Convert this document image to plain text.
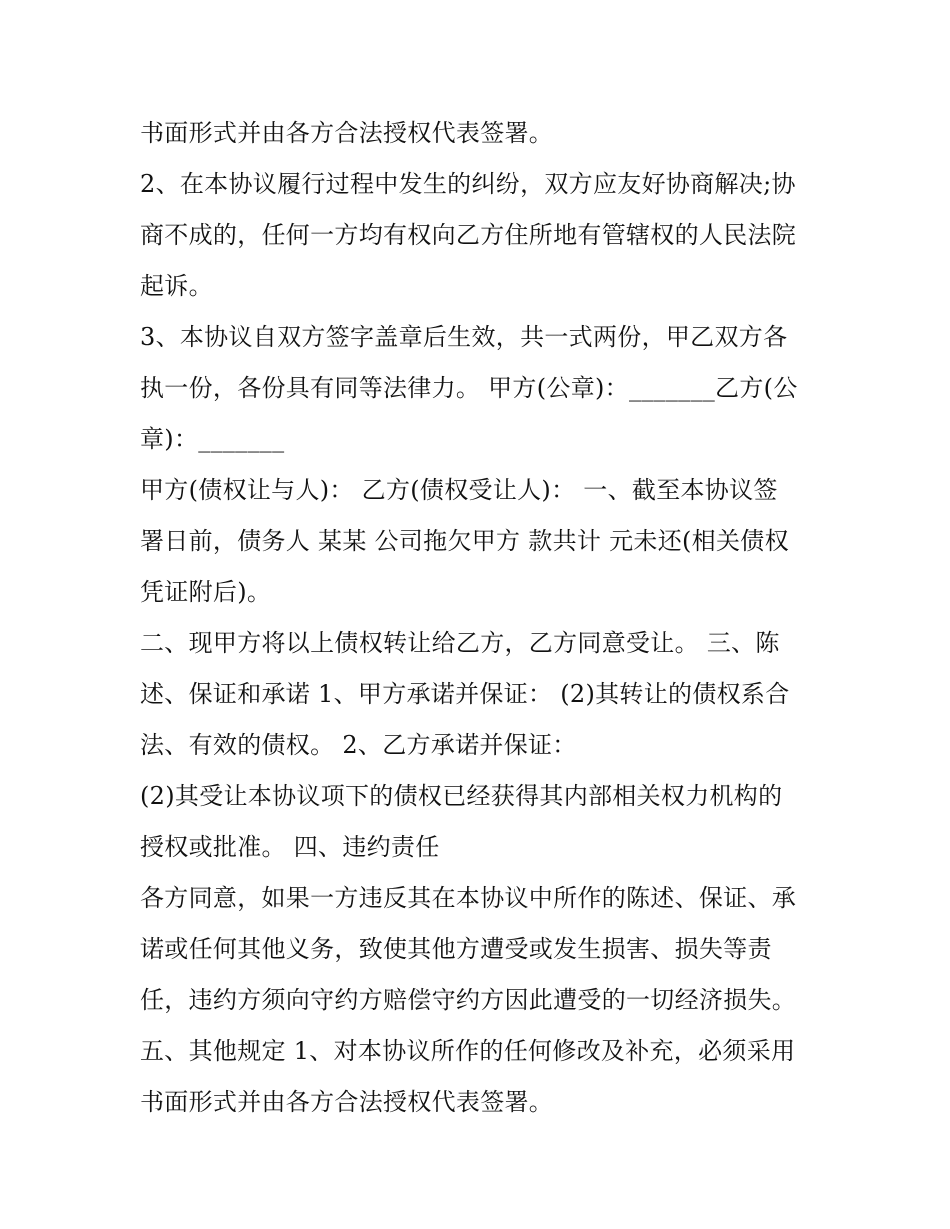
书面形式并由各方合法授权代表签署。
2、在本协议履行过程中发生的纠纷，双方应友好协商解决;协
商不成的，任何一方均有权向乙方住所地有管辖权的人民法院
起诉。
3、本协议自双方签字盖章后生效，共一式两份，甲乙双方各
执一份，各份具有同等法律力。 甲方(公章)：_______乙方(公
章)：_______
甲方(债权让与人)： 乙方(债权受让人)： 一、截至本协议签
署日前，债务人 某某 公司拖欠甲方 款共计 元未还(相关债权
凭证附后)。
二、现甲方将以上债权转让给乙方，乙方同意受让。 三、陈
述、保证和承诺 1、甲方承诺并保证： (2)其转让的债权系合
法、有效的债权。 2、乙方承诺并保证：
(2)其受让本协议项下的债权已经获得其内部相关权力机构的
授权或批准。 四、违约责任
各方同意，如果一方违反其在本协议中所作的陈述、保证、承
诺或任何其他义务，致使其他方遭受或发生损害、损失等责
任，违约方须向守约方赔偿守约方因此遭受的一切经济损失。
五、其他规定 1、对本协议所作的任何修改及补充，必须采用
书面形式并由各方合法授权代表签署。
